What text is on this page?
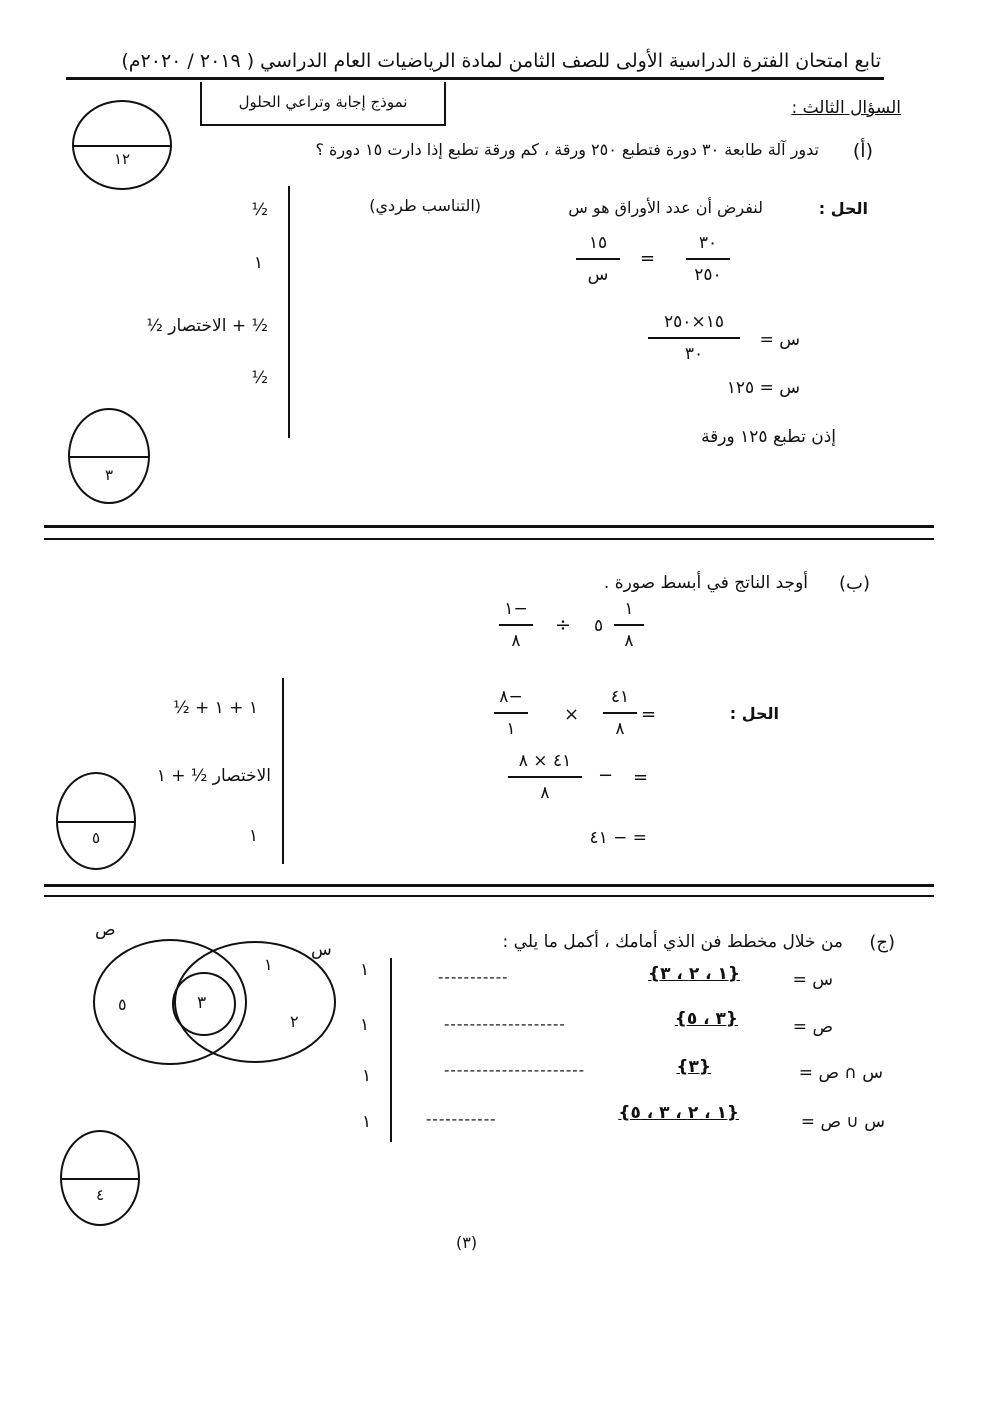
تابع امتحان الفترة الدراسية الأولى للصف الثامن لمادة الرياضيات العام الدراسي ( ٢٠١٩ / ٢٠٢٠م)
نموذج إجابة وتراعي الحلول	السؤال الثالث :
١٢	(أ)
تدور آلة طابعة ٣٠ دورة فتطبع ٢٥٠ ورقة ، كم ورقة تطبع إذا دارت ١٥ دورة ؟
الحل :
لنفرض أن عدد الأوراق هو س
(التناسب طردي)
٣٠
٢٥٠
=
١٥
س
س =
١٥×٢٥٠
٣٠
س = ١٢٥
إذن تطبع ١٢٥ ورقة
½
١
½ + الاختصار ½
½
٣
(ب)
أوجد الناتج في أبسط صورة .
١
٨
٥
÷
١−
٨
الحل :
=
٤١
٨
×
٨−
١
=
−
٤١ × ٨
٨
= − ٤١
١ + ١ + ½
الاختصار ½ + ١
١
٥
(ج)
من خلال مخطط فن الذي أمامك ، أكمل ما يلي :
ص
س
٥	٣
١
٢
س =
-----------	{١ ، ٢ ، ٣}
ص =
-------------------	{٣ ، ٥}
س ∩ ص =
----------------------	{٣}
س ∪ ص =
-----------	{١ ، ٢ ، ٣ ، ٥}
١
١
١
١
٤
(٣)
